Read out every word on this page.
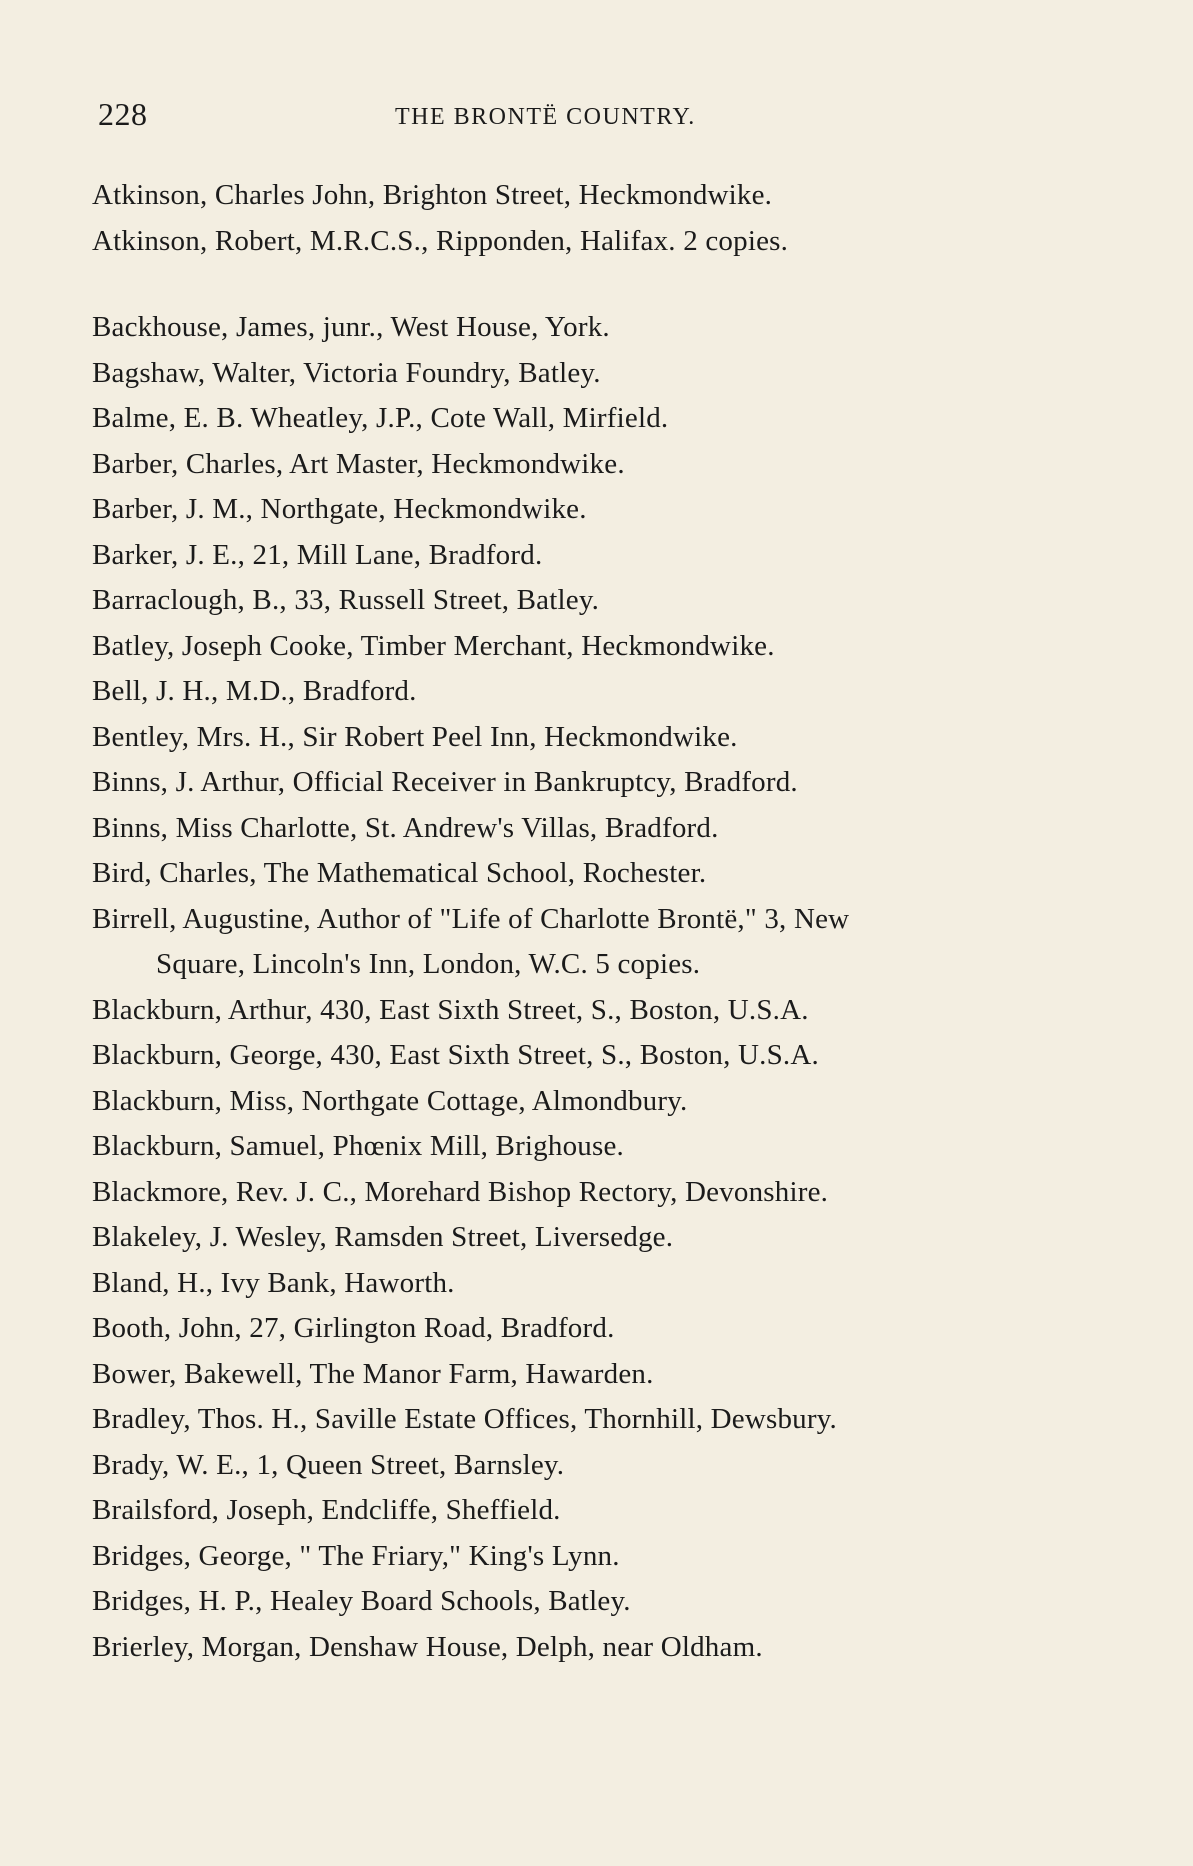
228	THE BRONTË COUNTRY.
Atkinson, Charles John, Brighton Street, Heckmondwike.
Atkinson, Robert, M.R.C.S., Ripponden, Halifax. 2 copies.
Backhouse, James, junr., West House, York.
Bagshaw, Walter, Victoria Foundry, Batley.
Balme, E. B. Wheatley, J.P., Cote Wall, Mirfield.
Barber, Charles, Art Master, Heckmondwike.
Barber, J. M., Northgate, Heckmondwike.
Barker, J. E., 21, Mill Lane, Bradford.
Barraclough, B., 33, Russell Street, Batley.
Batley, Joseph Cooke, Timber Merchant, Heckmondwike.
Bell, J. H., M.D., Bradford.
Bentley, Mrs. H., Sir Robert Peel Inn, Heckmondwike.
Binns, J. Arthur, Official Receiver in Bankruptcy, Bradford.
Binns, Miss Charlotte, St. Andrew's Villas, Bradford.
Bird, Charles, The Mathematical School, Rochester.
Birrell, Augustine, Author of "Life of Charlotte Brontë," 3, New
Square, Lincoln's Inn, London, W.C. 5 copies.
Blackburn, Arthur, 430, East Sixth Street, S., Boston, U.S.A.
Blackburn, George, 430, East Sixth Street, S., Boston, U.S.A.
Blackburn, Miss, Northgate Cottage, Almondbury.
Blackburn, Samuel, Phœnix Mill, Brighouse.
Blackmore, Rev. J. C., Morehard Bishop Rectory, Devonshire.
Blakeley, J. Wesley, Ramsden Street, Liversedge.
Bland, H., Ivy Bank, Haworth.
Booth, John, 27, Girlington Road, Bradford.
Bower, Bakewell, The Manor Farm, Hawarden.
Bradley, Thos. H., Saville Estate Offices, Thornhill, Dewsbury.
Brady, W. E., 1, Queen Street, Barnsley.
Brailsford, Joseph, Endcliffe, Sheffield.
Bridges, George, " The Friary," King's Lynn.
Bridges, H. P., Healey Board Schools, Batley.
Brierley, Morgan, Denshaw House, Delph, near Oldham.
